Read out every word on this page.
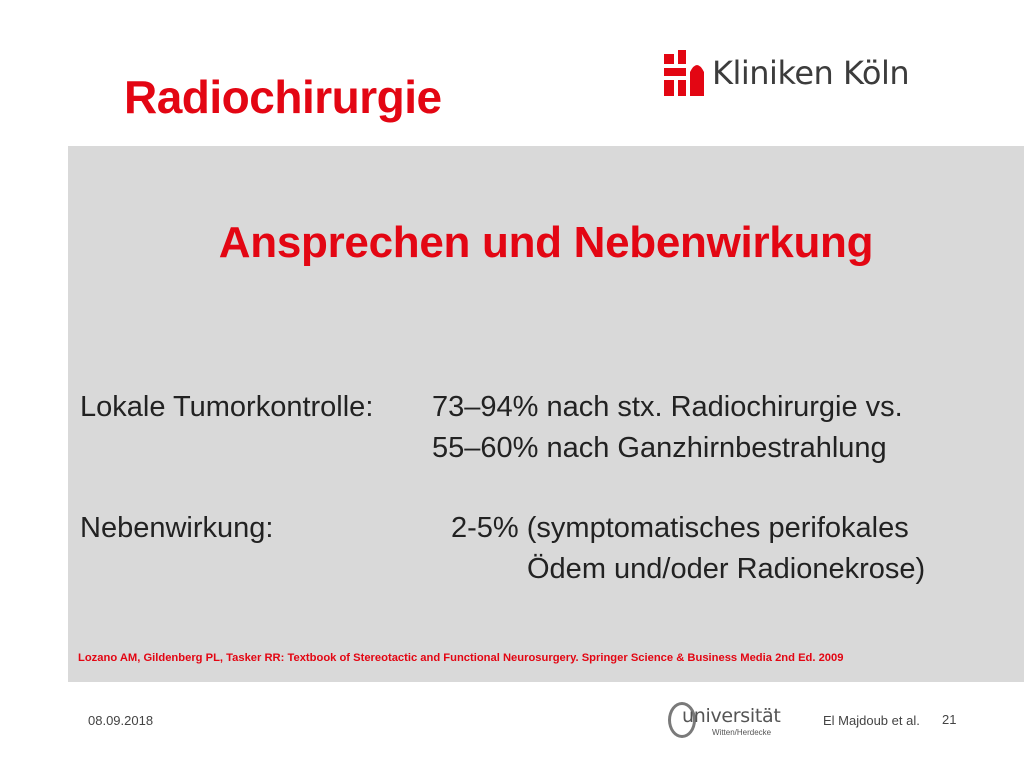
Radiochirurgie	Kliniken Köln
Ansprechen und Nebenwirkung
Lokale Tumorkontrolle: 73–94% nach stx. Radiochirurgie vs.
55–60% nach Ganzhirnbestrahlung
Nebenwirkung:	2-5% (symptomatisches perifokales
Ödem und/oder Radionekrose)
Lozano AM, Gildenberg PL, Tasker RR: Textbook of Stereotactic and Functional Neurosurgery. Springer Science & Business Media 2nd Ed. 2009
08.09.2018	universität
Witten/Herdecke
El Majdoub et al. 21
